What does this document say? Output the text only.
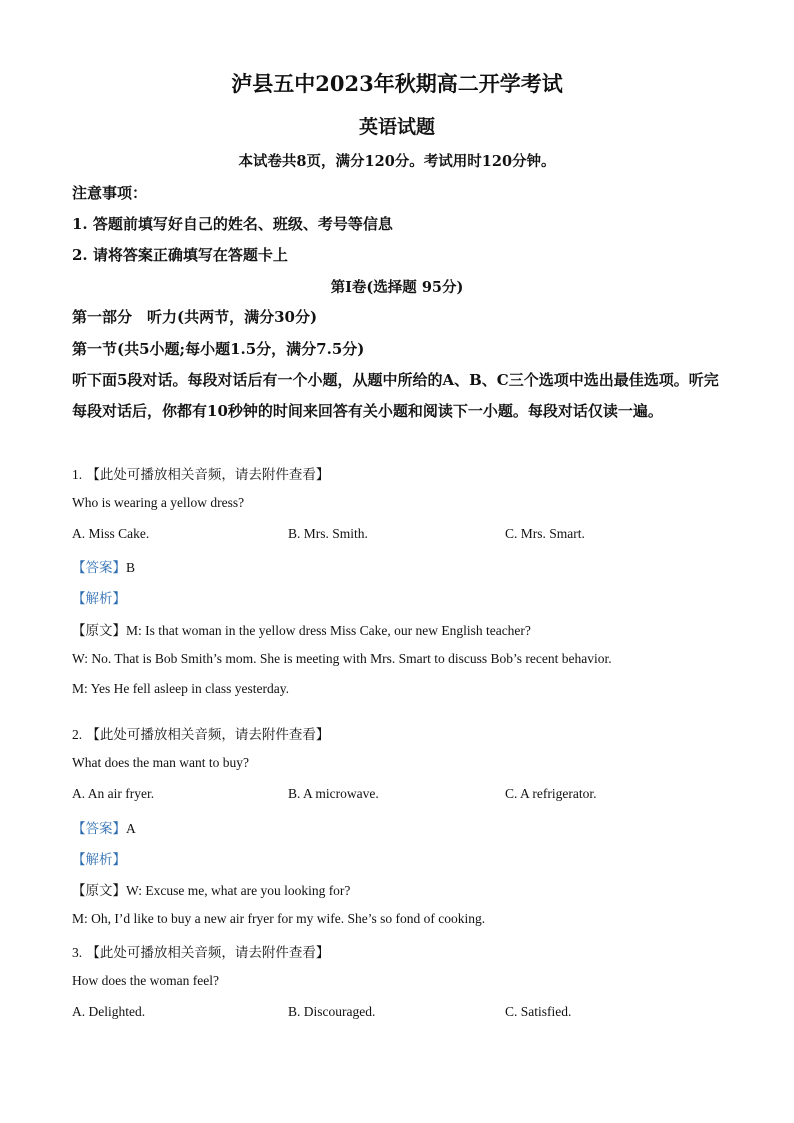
泸县五中2023年秋期高二开学考试
英语试题
本试卷共8页，满分120分。考试用时120分钟。
注意事项：
1. 答题前填写好自己的姓名、班级、考号等信息
2. 请将答案正确填写在答题卡上
第I卷(选择题 95分)
第一部分　听力(共两节，满分30分)
第一节(共5小题;每小题1.5分，满分7.5分)
听下面5段对话。每段对话后有一个小题，从题中所给的A、B、C三个选项中选出最佳选项。听完每段对话后，你都有10秒钟的时间来回答有关小题和阅读下一小题。每段对话仅读一遍。
1. 【此处可播放相关音频，请去附件查看】
Who is wearing a yellow dress?
A. Miss Cake.	B. Mrs. Smith.	C. Mrs. Smart.
【答案】B
【解析】
【原文】M: Is that woman in the yellow dress Miss Cake, our new English teacher?
W: No. That is Bob Smith’s mom. She is meeting with Mrs. Smart to discuss Bob’s recent behavior.
M: Yes He fell asleep in class yesterday.
2. 【此处可播放相关音频，请去附件查看】
What does the man want to buy?
A. An air fryer.	B. A microwave.	C. A refrigerator.
【答案】A
【解析】
【原文】W: Excuse me, what are you looking for?
M: Oh, I’d like to buy a new air fryer for my wife. She’s so fond of cooking.
3. 【此处可播放相关音频，请去附件查看】
How does the woman feel?
A. Delighted.	B. Discouraged.	C. Satisfied.
